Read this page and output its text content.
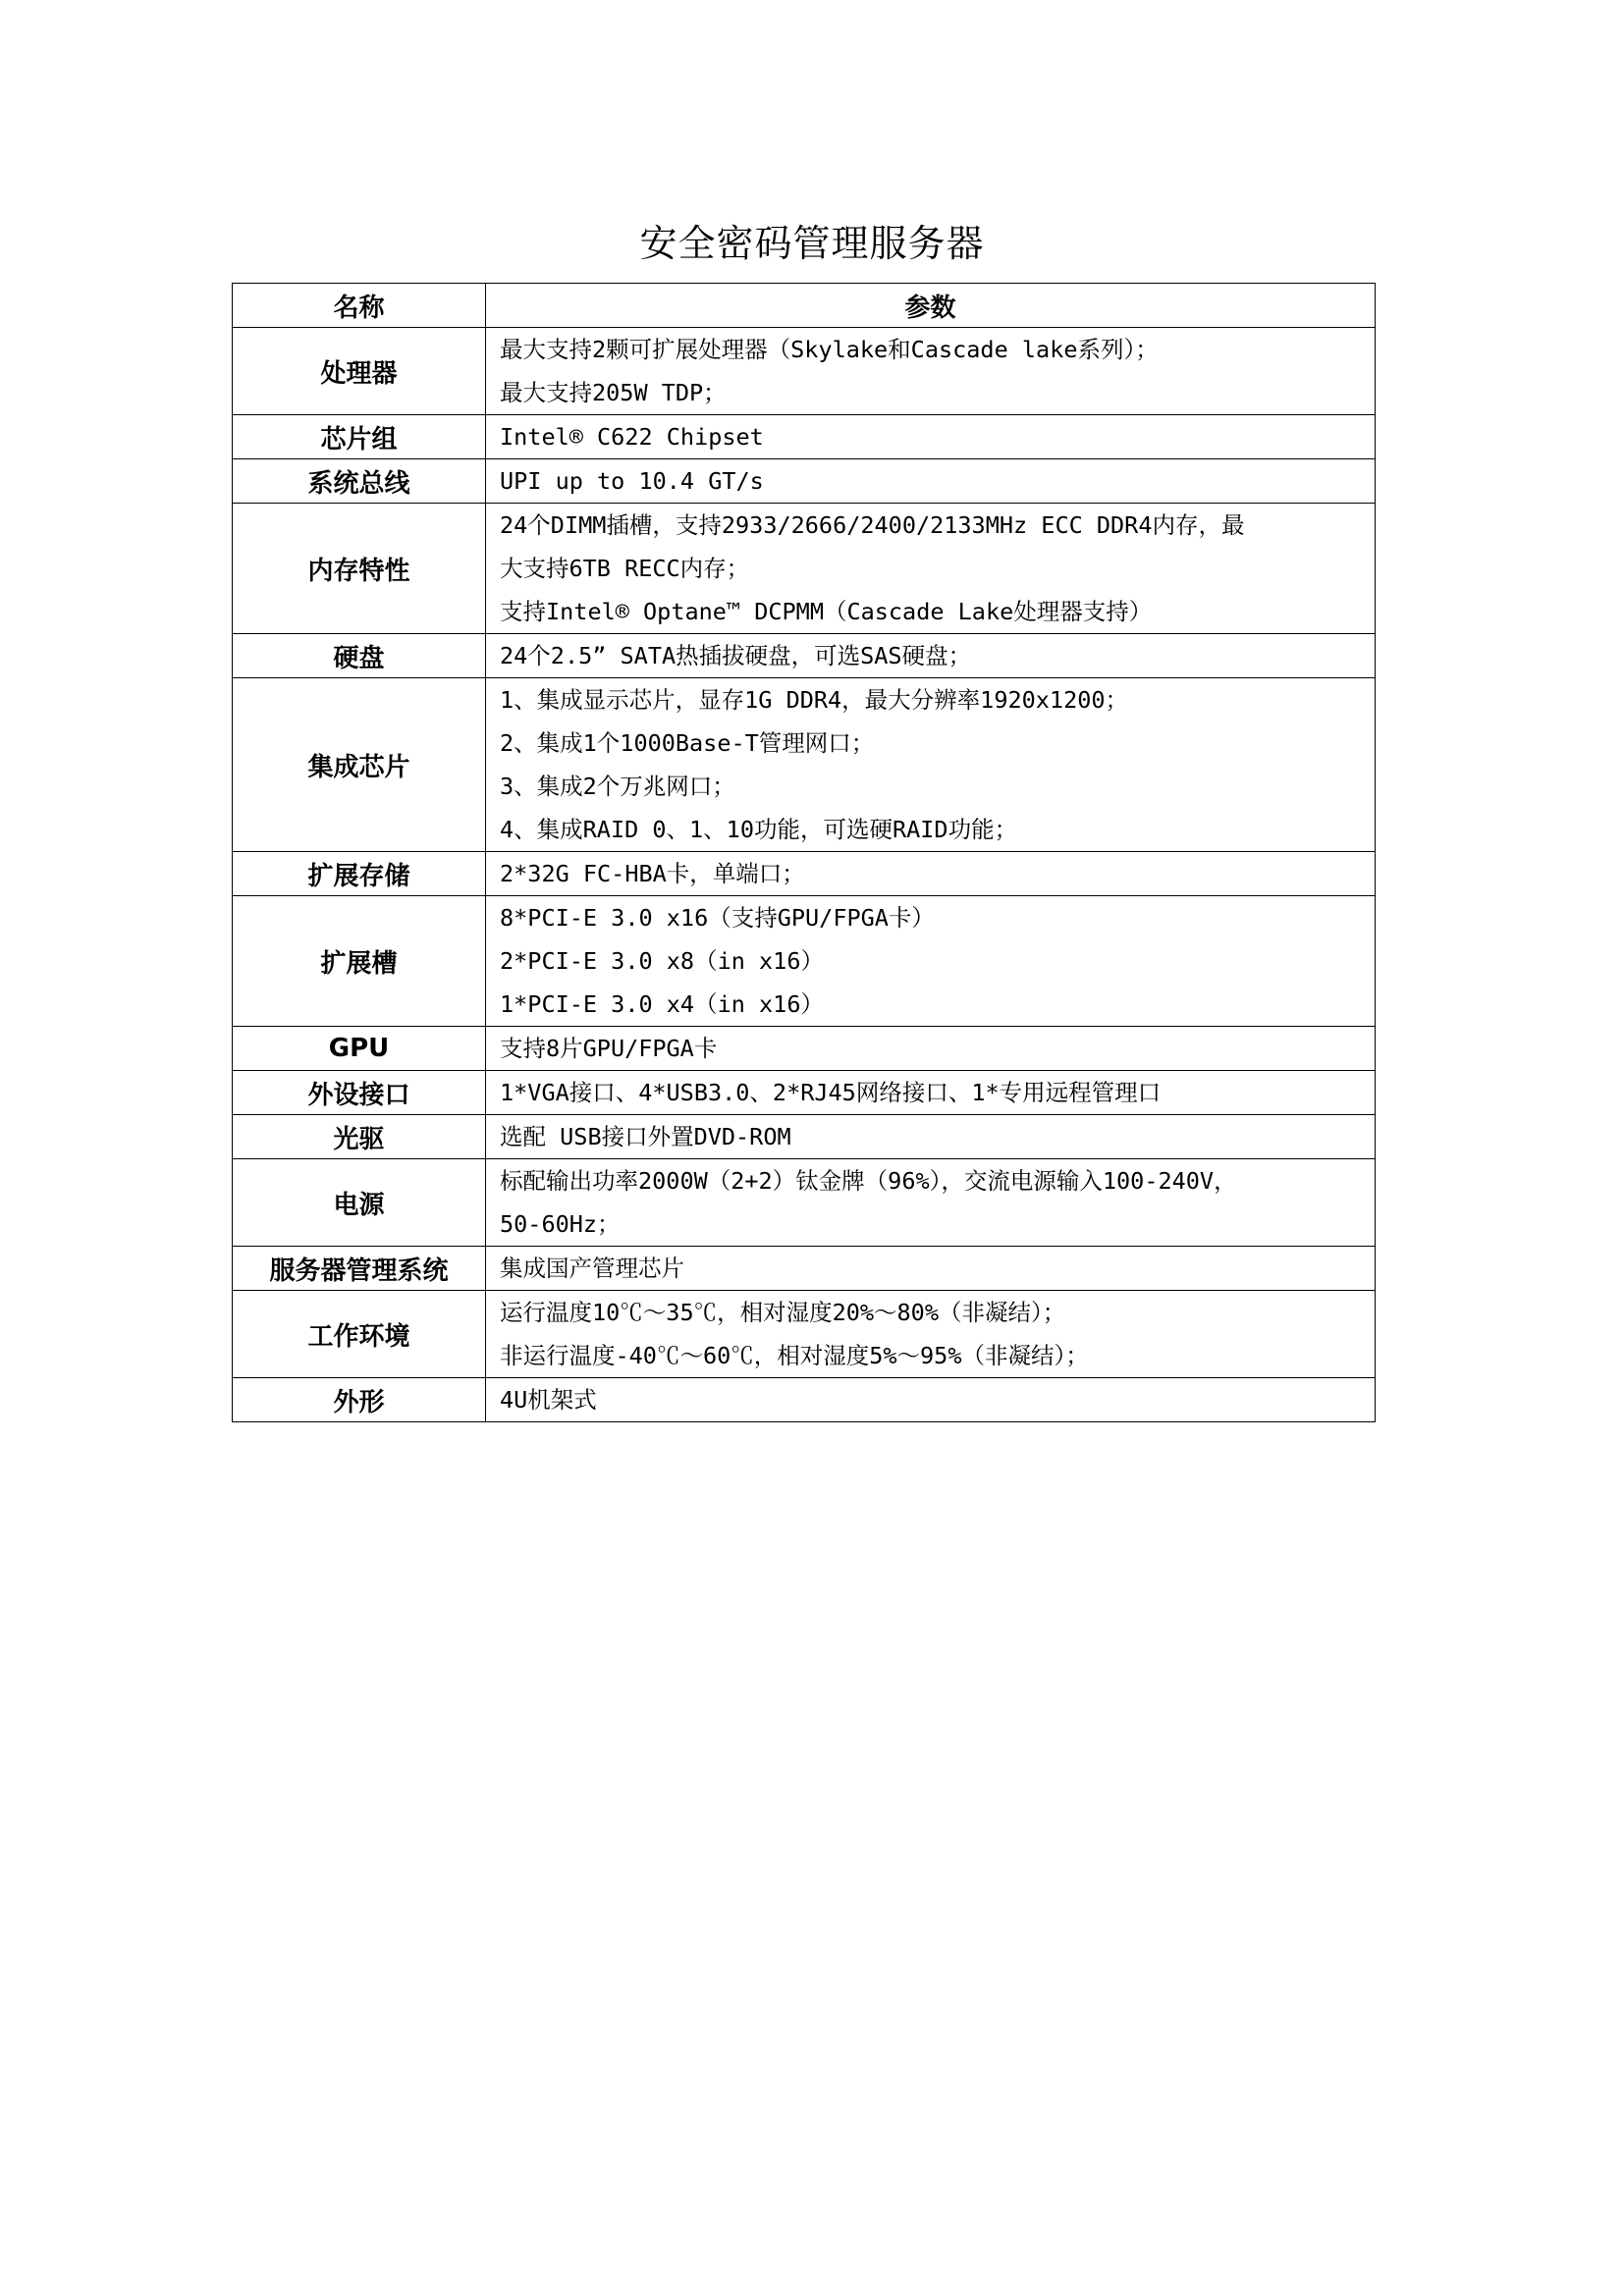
安全密码管理服务器
名称	参数
处理器	最大支持2颗可扩展处理器（Skylake和Cascade lake系列）；
最大支持205W TDP；

芯片组	Intel® C622 Chipset

系统总线	UPI up to 10.4 GT/s

内存特性	24个DIMM插槽，支持2933/2666/2400/2133MHz ECC DDR4内存，最
大支持6TB RECC内存；
支持Intel® Optane™ DCPMM（Cascade Lake处理器支持）

硬盘	24个2.5” SATA热插拔硬盘，可选SAS硬盘；

集成芯片	1、集成显示芯片，显存1G DDR4，最大分辨率1920x1200；
2、集成1个1000Base-T管理网口；
3、集成2个万兆网口；
4、集成RAID 0、1、10功能，可选硬RAID功能；

扩展存储	2*32G FC-HBA卡，单端口；

扩展槽	8*PCI-E 3.0 x16（支持GPU/FPGA卡）
2*PCI-E 3.0 x8（in x16）
1*PCI-E 3.0 x4（in x16）

GPU	支持8片GPU/FPGA卡

外设接口	1*VGA接口、4*USB3.0、2*RJ45网络接口、1*专用远程管理口

光驱	选配 USB接口外置DVD-ROM

电源	标配输出功率2000W（2+2）钛金牌（96%），交流电源输入100-240V，
50-60Hz；

服务器管理系统	集成国产管理芯片

工作环境	运行温度10℃～35℃，相对湿度20%～80%（非凝结）；
非运行温度-40℃～60℃，相对湿度5%～95%（非凝结）；

外形	4U机架式
